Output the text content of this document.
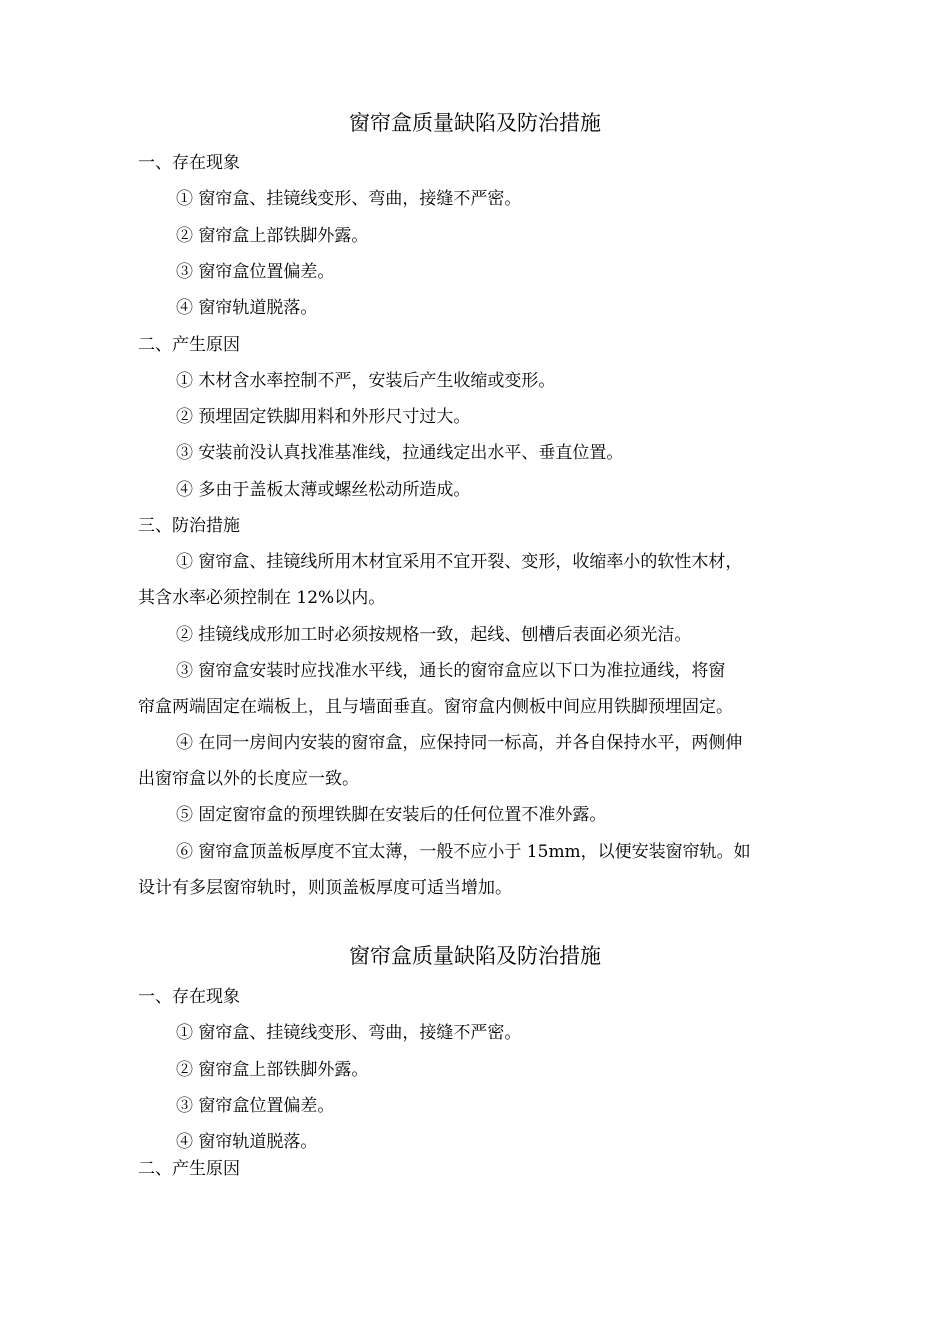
窗帘盒质量缺陷及防治措施
一、存在现象
① 窗帘盒、挂镜线变形、弯曲，接缝不严密。
② 窗帘盒上部铁脚外露。
③ 窗帘盒位置偏差。
④ 窗帘轨道脱落。
二、产生原因
① 木材含水率控制不严，安装后产生收缩或变形。
② 预埋固定铁脚用料和外形尺寸过大。
③ 安装前没认真找准基准线，拉通线定出水平、垂直位置。
④ 多由于盖板太薄或螺丝松动所造成。
三、防治措施
① 窗帘盒、挂镜线所用木材宜采用不宜开裂、变形，收缩率小的软性木材，
其含水率必须控制在 12%以内。
② 挂镜线成形加工时必须按规格一致，起线、刨槽后表面必须光洁。
③ 窗帘盒安装时应找准水平线，通长的窗帘盒应以下口为准拉通线，将窗
帘盒两端固定在端板上，且与墙面垂直。窗帘盒内侧板中间应用铁脚预埋固定。
④ 在同一房间内安装的窗帘盒，应保持同一标高，并各自保持水平，两侧伸
出窗帘盒以外的长度应一致。
⑤ 固定窗帘盒的预埋铁脚在安装后的任何位置不准外露。
⑥ 窗帘盒顶盖板厚度不宜太薄，一般不应小于 15mm，以便安装窗帘轨。如
设计有多层窗帘轨时，则顶盖板厚度可适当增加。
窗帘盒质量缺陷及防治措施
一、存在现象
① 窗帘盒、挂镜线变形、弯曲，接缝不严密。
② 窗帘盒上部铁脚外露。
③ 窗帘盒位置偏差。
④ 窗帘轨道脱落。
二、产生原因
